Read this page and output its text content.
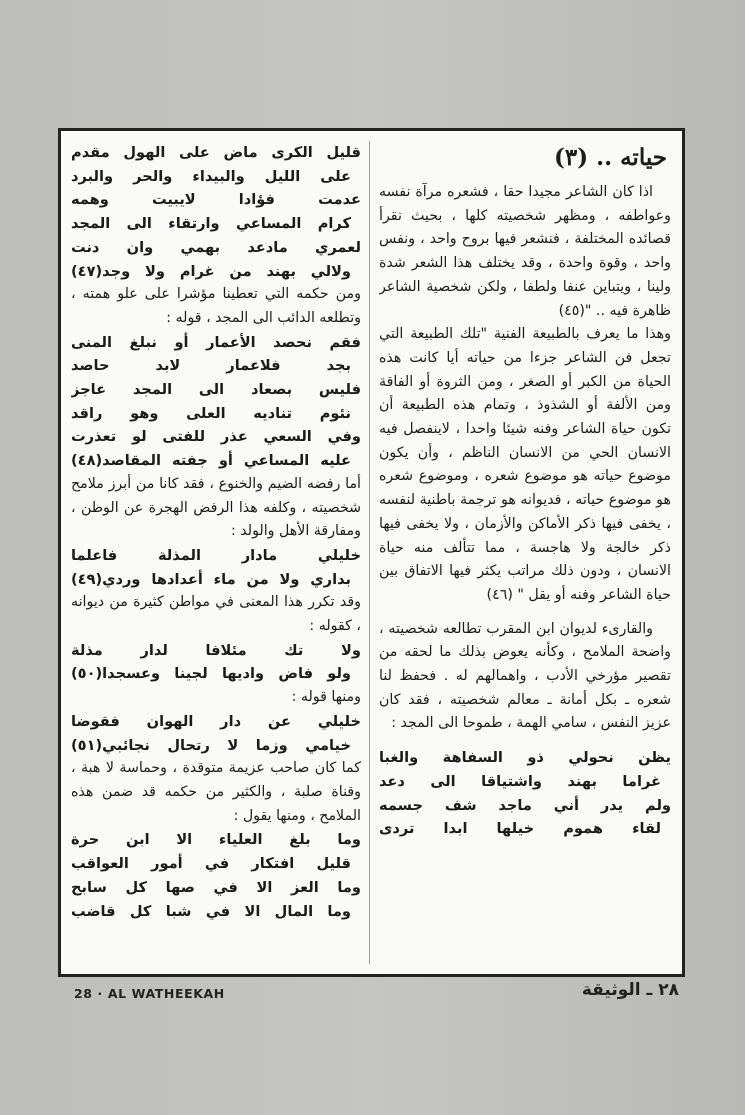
حياته .. (٣)

اذا كان الشاعر مجيدا حقا ، فشعره مرآة نفسه وعواطفه ، ومظهر شخصيته كلها ، بحيث نقرأ قصائده المختلفة ، فنشعر فيها بروح واحد ، ونفس واحد ، وقوة واحدة ، وقد يختلف هذا الشعر شدة ولينا ، ويتباين عنفا ولطفا ، ولكن شخصية الشاعر ظاهرة فيه .. "(٤٥)

وهذا ما يعرف بالطبيعة الفنية "تلك الطبيعة التي تجعل فن الشاعر جزءا من حياته أيا كانت هذه الحياة من الكبر أو الصغر ، ومن الثروة أو الفاقة ومن الألفة أو الشذوذ ، وتمام هذه الطبيعة أن تكون حياة الشاعر وفنه شيئا واحدا ، لاينفصل فيه الانسان الحي من الانسان الناظم ، وأن يكون موضوع حياته هو موضوع شعره ، وموضوع شعره هو موضوع حياته ، فديوانه هو ترجمة باطنية لنفسه ، يخفى فيها ذكر الأماكن والأزمان ، ولا يخفى فيها ذكر خالجة ولا هاجسة ، مما تتألف منه حياة الانسان ، ودون ذلك مراتب يكثر فيها الاتفاق بين حياة الشاعر وفنه أو يقل " (٤٦)

والقارىء لديوان ابن المقرب تطالعه شخصيته ، واضحة الملامح ، وكأنه يعوض بذلك ما لحقه من تقصير مؤرخي الأدب ، واهمالهم له . فحفظ لنا شعره ـ بكل أمانة ـ معالم شخصيته ، فقد كان عزيز النفس ، سامي الهمة ، طموحا الى المجد :

يظن نحولي ذو السفاهة والغبا

غراما بهند واشتياقا الى دعد

ولم يدر أني ماجد شف جسمه

لقاء هموم خيلها ابدا تردى

قليل الكرى ماض على الهول مقدم

على الليل والبيداء والحر والبرد

عدمت فؤادا لايبيت وهمه

كرام المساعي وارتقاء الى المجد

لعمري مادعد بهمي وان دنت

ولالي بهند من غرام ولا وجد(٤٧)

ومن حكمه التي تعطينا مؤشرا على علو همته ، وتطلعه الدائب الى المجد ، قوله :

فقم نحصد الأعمار أو نبلغ المنى

بجد فلاعمار لابد حاصد

فليس بصعاد الى المجد عاجز

نئوم تناديه العلى وهو راقد

وفي السعي عذر للفتى لو تعذرت

عليه المساعي أو جفته المقاصد(٤٨)

أما رفضه الضيم والخنوع ، فقد كانا من أبرز ملامح شخصيته ، وكلفه هذا الرفض الهجرة عن الوطن ، ومفارقة الأهل والولد :

خليلي مادار المذلة فاعلما

بداري ولا من ماء أعدادها وردي(٤٩)

وقد تكرر هذا المعنى في مواطن كثيرة من ديوانه ، كقوله :

ولا تك مئلافا لدار مذلة

ولو فاض واديها لجينا وعسجدا(٥٠)

ومنها قوله :

خليلي عن دار الهوان فقوضا

خيامي وزما لا رتحال نجائبي(٥١)

كما كان صاحب عزيمة متوقدة ، وحماسة لا هبة ، وقناة صلبة ، والكثير من حكمه قد ضمن هذه الملامح ، ومنها يقول :

وما بلغ العلياء الا ابن حرة

قليل افتكار في أمور العواقب

وما العز الا في صها كل سابح

وما المال الا في شبا كل قاضب

28 · AL WATHEEKAH	٢٨ ـ الوثيقة
